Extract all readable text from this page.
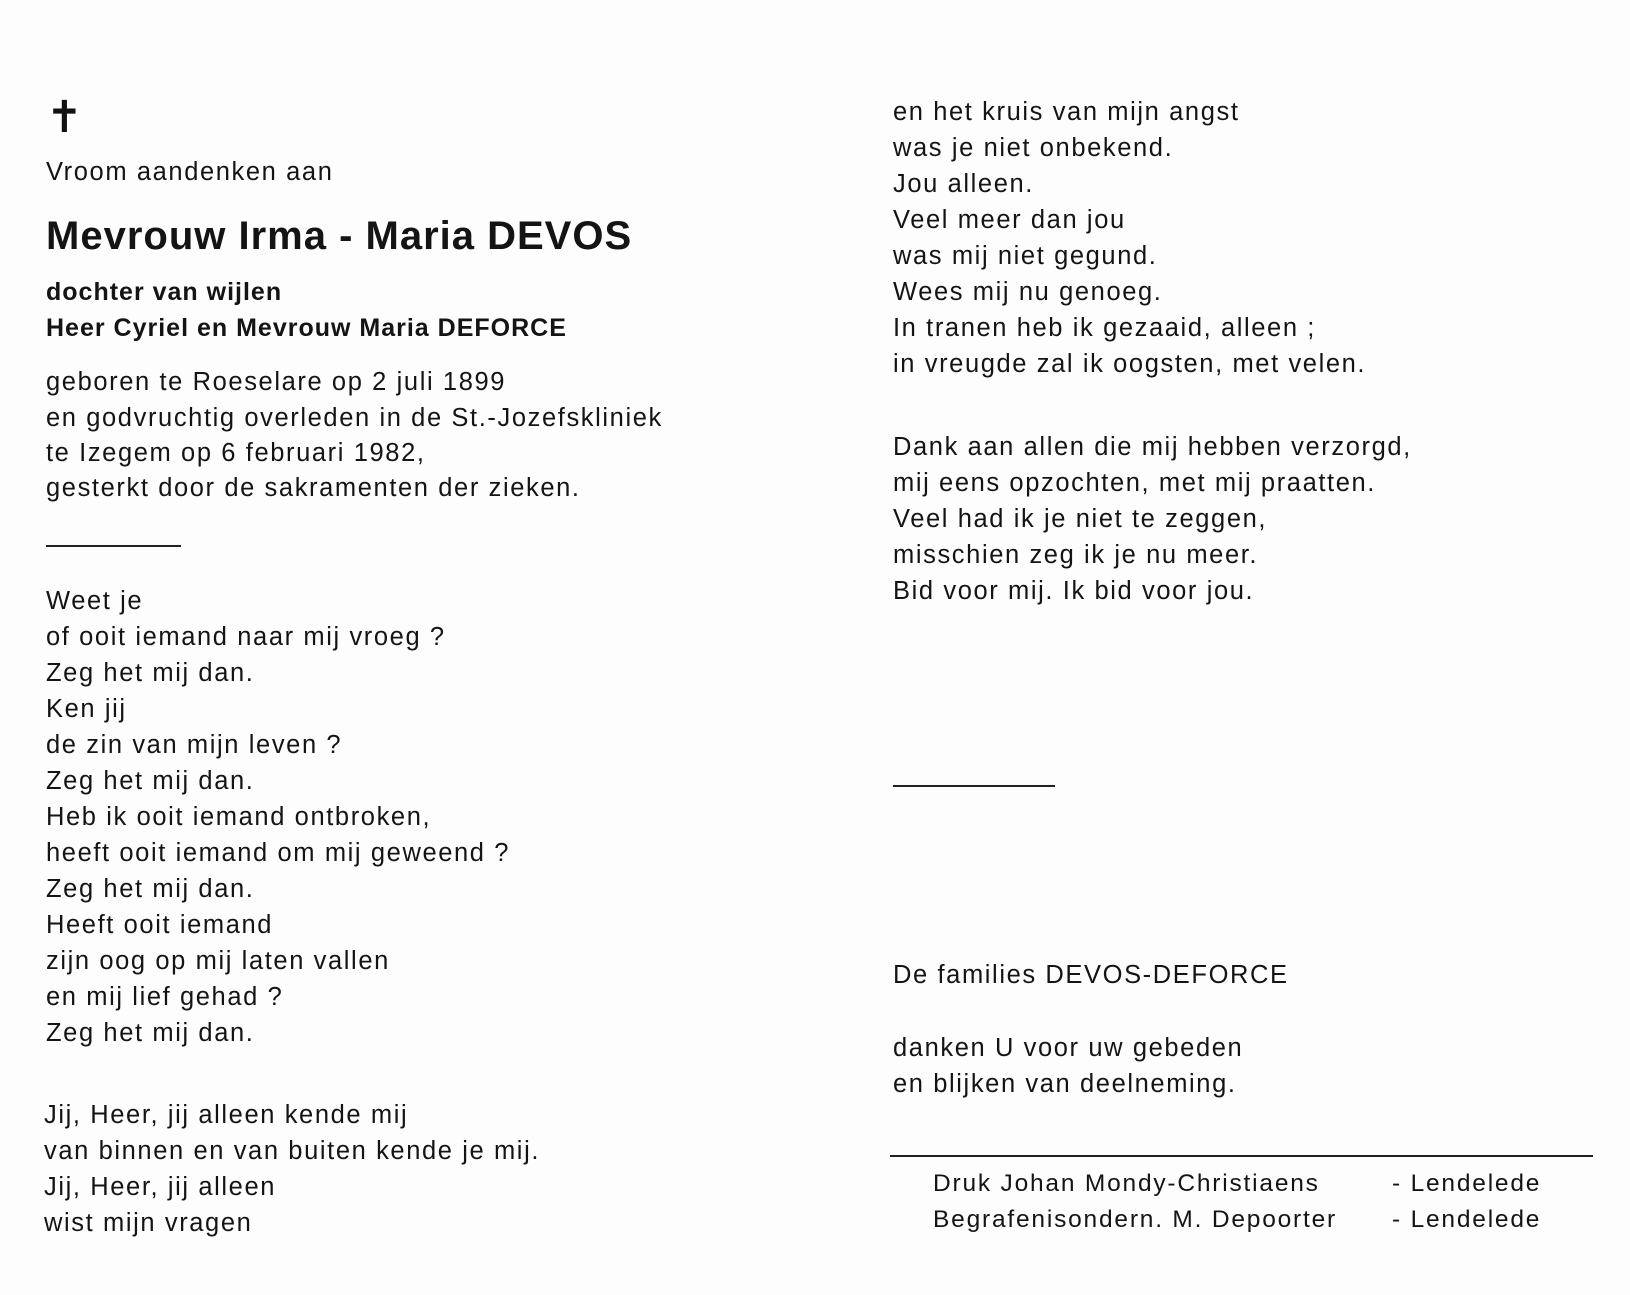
✝
Vroom aandenken aan
Mevrouw Irma - Maria DEVOS
dochter van wijlen
Heer Cyriel en Mevrouw Maria DEFORCE
geboren te Roeselare op 2 juli 1899
en godvruchtig overleden in de St.-Jozefskliniek
te Izegem op 6 februari 1982,
gesterkt door de sakramenten der zieken.
Weet je
of ooit iemand naar mij vroeg ?
Zeg het mij dan.
Ken jij
de zin van mijn leven ?
Zeg het mij dan.
Heb ik ooit iemand ontbroken,
heeft ooit iemand om mij geweend ?
Zeg het mij dan.
Heeft ooit iemand
zijn oog op mij laten vallen
en mij lief gehad ?
Zeg het mij dan.
Jij, Heer, jij alleen kende mij
van binnen en van buiten kende je mij.
Jij, Heer, jij alleen
wist mijn vragen
en het kruis van mijn angst
was je niet onbekend.
Jou alleen.
Veel meer dan jou
was mij niet gegund.
Wees mij nu genoeg.
In tranen heb ik gezaaid, alleen ;
in vreugde zal ik oogsten, met velen.
Dank aan allen die mij hebben verzorgd,
mij eens opzochten, met mij praatten.
Veel had ik je niet te zeggen,
misschien zeg ik je nu meer.
Bid voor mij. Ik bid voor jou.
De families DEVOS-DEFORCE
danken U voor uw gebeden
en blijken van deelneming.
Druk Johan Mondy-Christiaens	- Lendelede
Begrafenisondern. M. Depoorter - Lendelede
